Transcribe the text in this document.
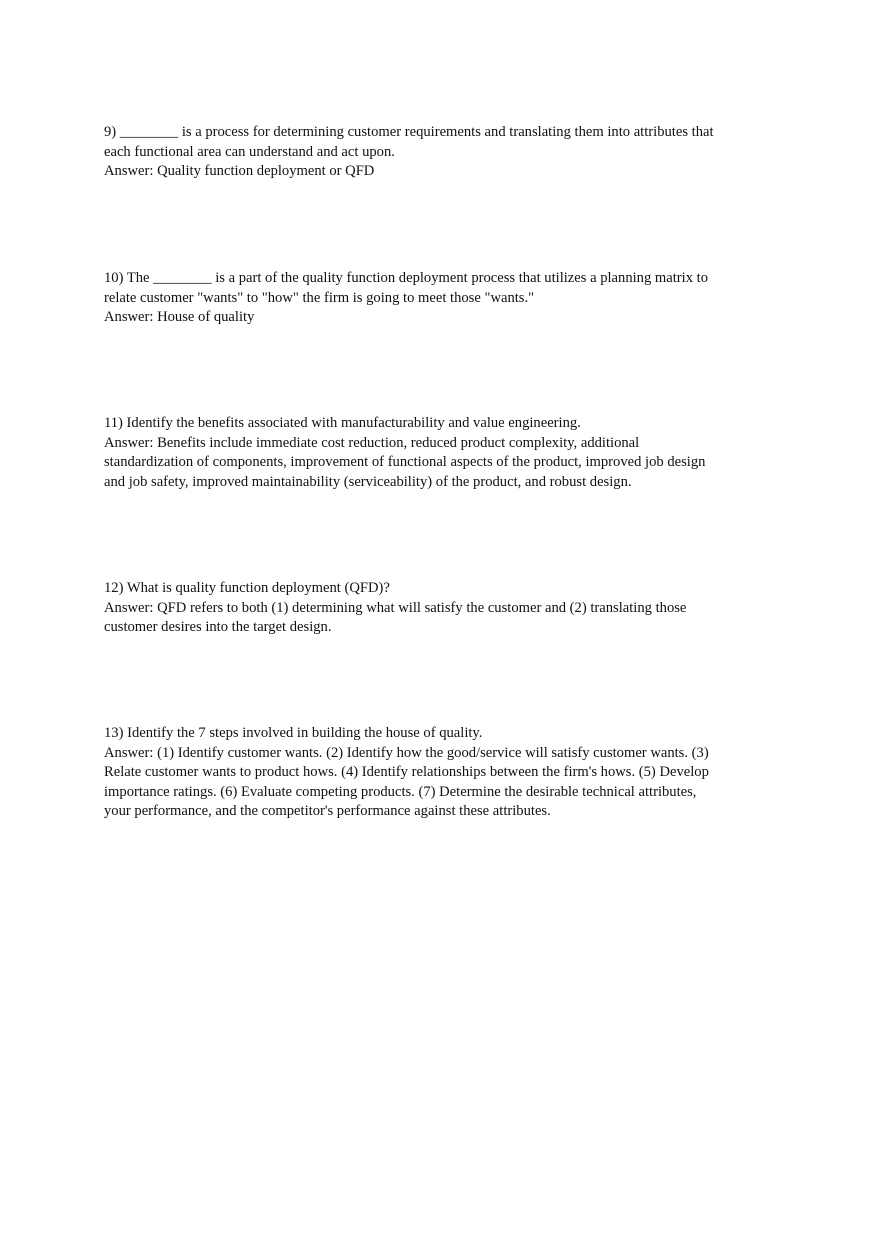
9) ________ is a process for determining customer requirements and translating them into attributes that
each functional area can understand and act upon.
Answer: Quality function deployment or QFD
10) The ________ is a part of the quality function deployment process that utilizes a planning matrix to
relate customer "wants" to "how" the firm is going to meet those "wants."
Answer: House of quality
11) Identify the benefits associated with manufacturability and value engineering.
Answer: Benefits include immediate cost reduction, reduced product complexity, additional
standardization of components, improvement of functional aspects of the product, improved job design
and job safety, improved maintainability (serviceability) of the product, and robust design.
12) What is quality function deployment (QFD)?
Answer: QFD refers to both (1) determining what will satisfy the customer and (2) translating those
customer desires into the target design.
13) Identify the 7 steps involved in building the house of quality.
Answer: (1) Identify customer wants. (2) Identify how the good/service will satisfy customer wants. (3)
Relate customer wants to product hows. (4) Identify relationships between the firm's hows. (5) Develop
importance ratings. (6) Evaluate competing products. (7) Determine the desirable technical attributes,
your performance, and the competitor's performance against these attributes.
